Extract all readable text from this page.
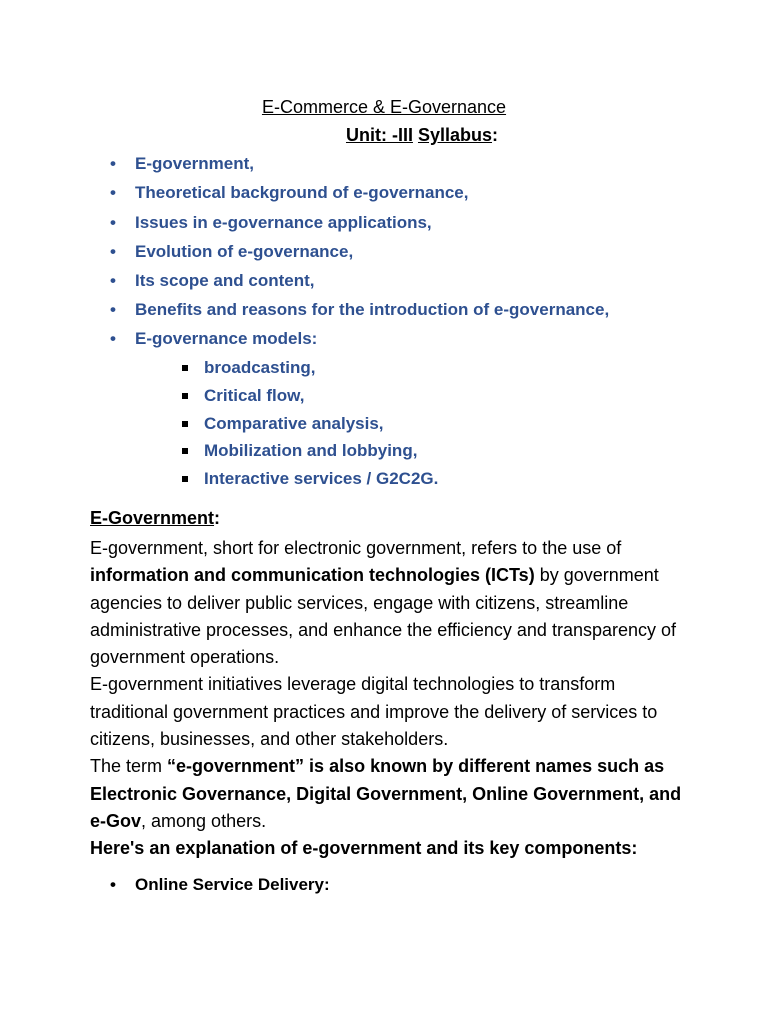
E-Commerce & E-Governance
Unit: -III Syllabus:
• E-government,
• Theoretical background of e-governance,
• Issues in e-governance applications,
• Evolution of e-governance,
• Its scope and content,
• Benefits and reasons for the introduction of e-governance,
• E-governance models:
broadcasting,
Critical flow,
Comparative analysis,
Mobilization and lobbying,
Interactive services / G2C2G.
E-Government:
E-government, short for electronic government, refers to the use of information and communication technologies (ICTs) by government agencies to deliver public services, engage with citizens, streamline administrative processes, and enhance the efficiency and transparency of government operations.
E-government initiatives leverage digital technologies to transform traditional government practices and improve the delivery of services to citizens, businesses, and other stakeholders.
The term “e-government” is also known by different names such as Electronic Governance, Digital Government, Online Government, and e-Gov, among others.
Here's an explanation of e-government and its key components:
• Online Service Delivery:
